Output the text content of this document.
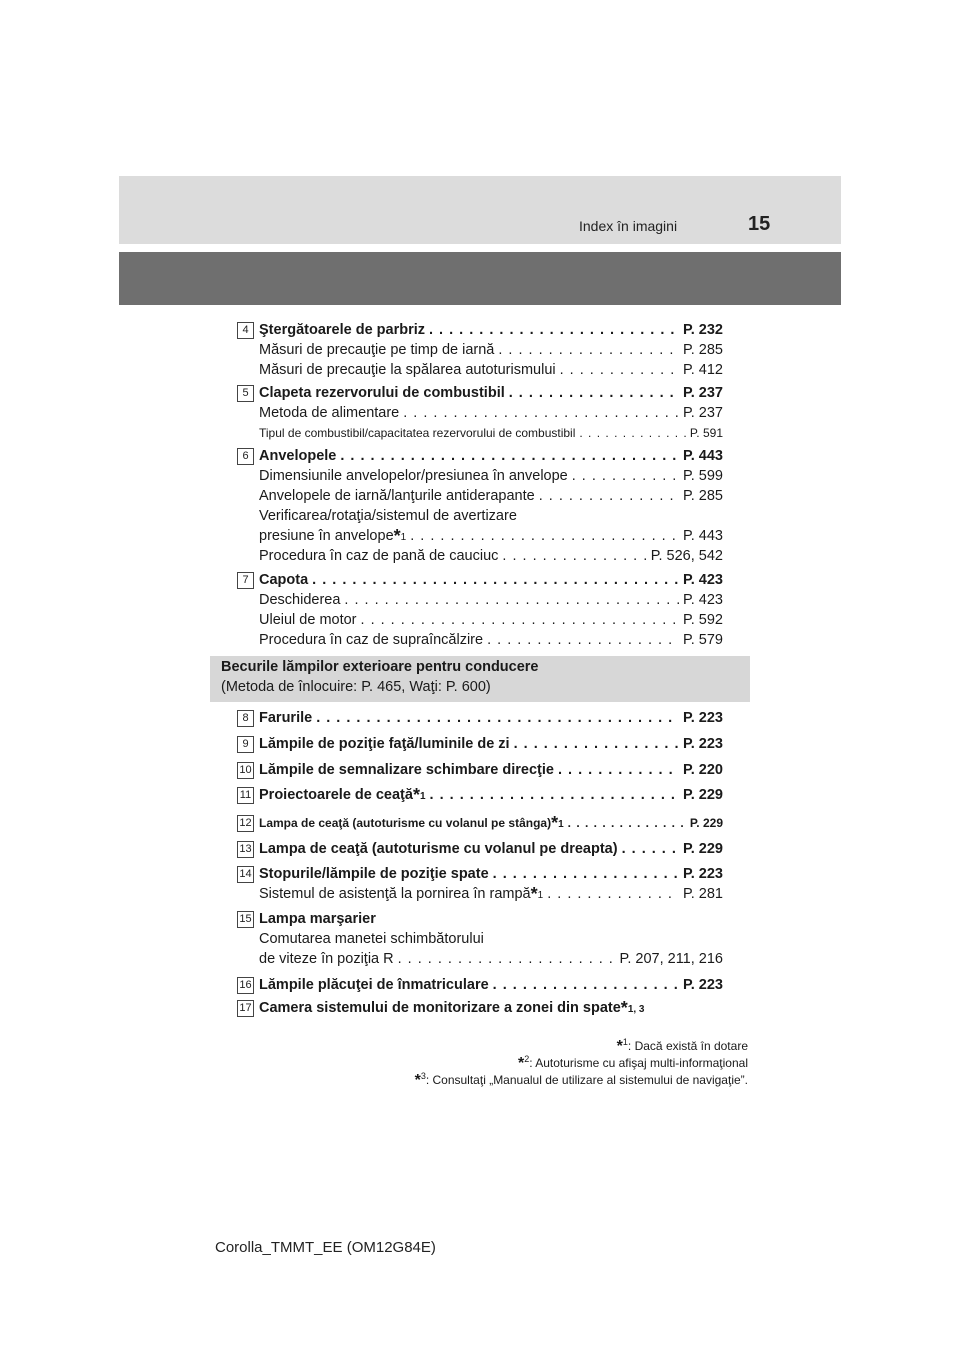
Index în imagini	15
4 Ştergătoarele de parbriz . . .	P. 232
Măsuri de precauţie pe timp de iarnă . . .	P. 285
Măsuri de precauţie la spălarea autoturismului . . .	P. 412
5 Clapeta rezervorului de combustibil . . .	P. 237
Metoda de alimentare . . .	P. 237
Tipul de combustibil/capacitatea rezervorului de combustibil . . .	P. 591
6 Anvelopele . . .	P. 443
Dimensiunile anvelopelor/presiunea în anvelope . . .	P. 599
Anvelopele de iarnă/lanţurile antiderapante . . .	P. 285
Verificarea/rotaţia/sistemul de avertizare
presiune în anvelope *1 . . .	P. 443
Procedura în caz de pană de cauciuc . . .	P. 526, 542
7 Capota . . .	P. 423
Deschiderea . . .	P. 423
Uleiul de motor . . .	P. 592
Procedura în caz de supraîncălzire . . .	P. 579
Becurile lămpilor exterioare pentru conducere
(Metoda de înlocuire: P. 465, Waţi: P. 600)
8 Farurile . . .	P. 223
9 Lămpile de poziţie faţă/luminile de zi . . .	P. 223
10 Lămpile de semnalizare schimbare direcţie . . .	P. 220
11 Proiectoarele de ceaţă *1 . . .	P. 229
12 Lampa de ceaţă (autoturisme cu volanul pe stânga) *1 . . .	P. 229
13 Lampa de ceaţă (autoturisme cu volanul pe dreapta) . . .	P. 229
14 Stopurile/lămpile de poziţie spate . . .	P. 223
Sistemul de asistenţă la pornirea în rampă *1 . . .	P. 281
15 Lampa marşarier
Comutarea manetei schimbătorului
de viteze în poziţia R . . .	P. 207, 211, 216
16 Lămpile plăcuţei de înmatriculare . . .	P. 223
17 Camera sistemului de monitorizare a zonei din spate *1, 3
*$^1$: Dacă există în dotare
*$^2$: Autoturisme cu afişaj multi-informaţional
*$^3$: Consultaţi „Manualul de utilizare al sistemului de navigaţie”.
Corolla_TMMT_EE (OM12G84E)
